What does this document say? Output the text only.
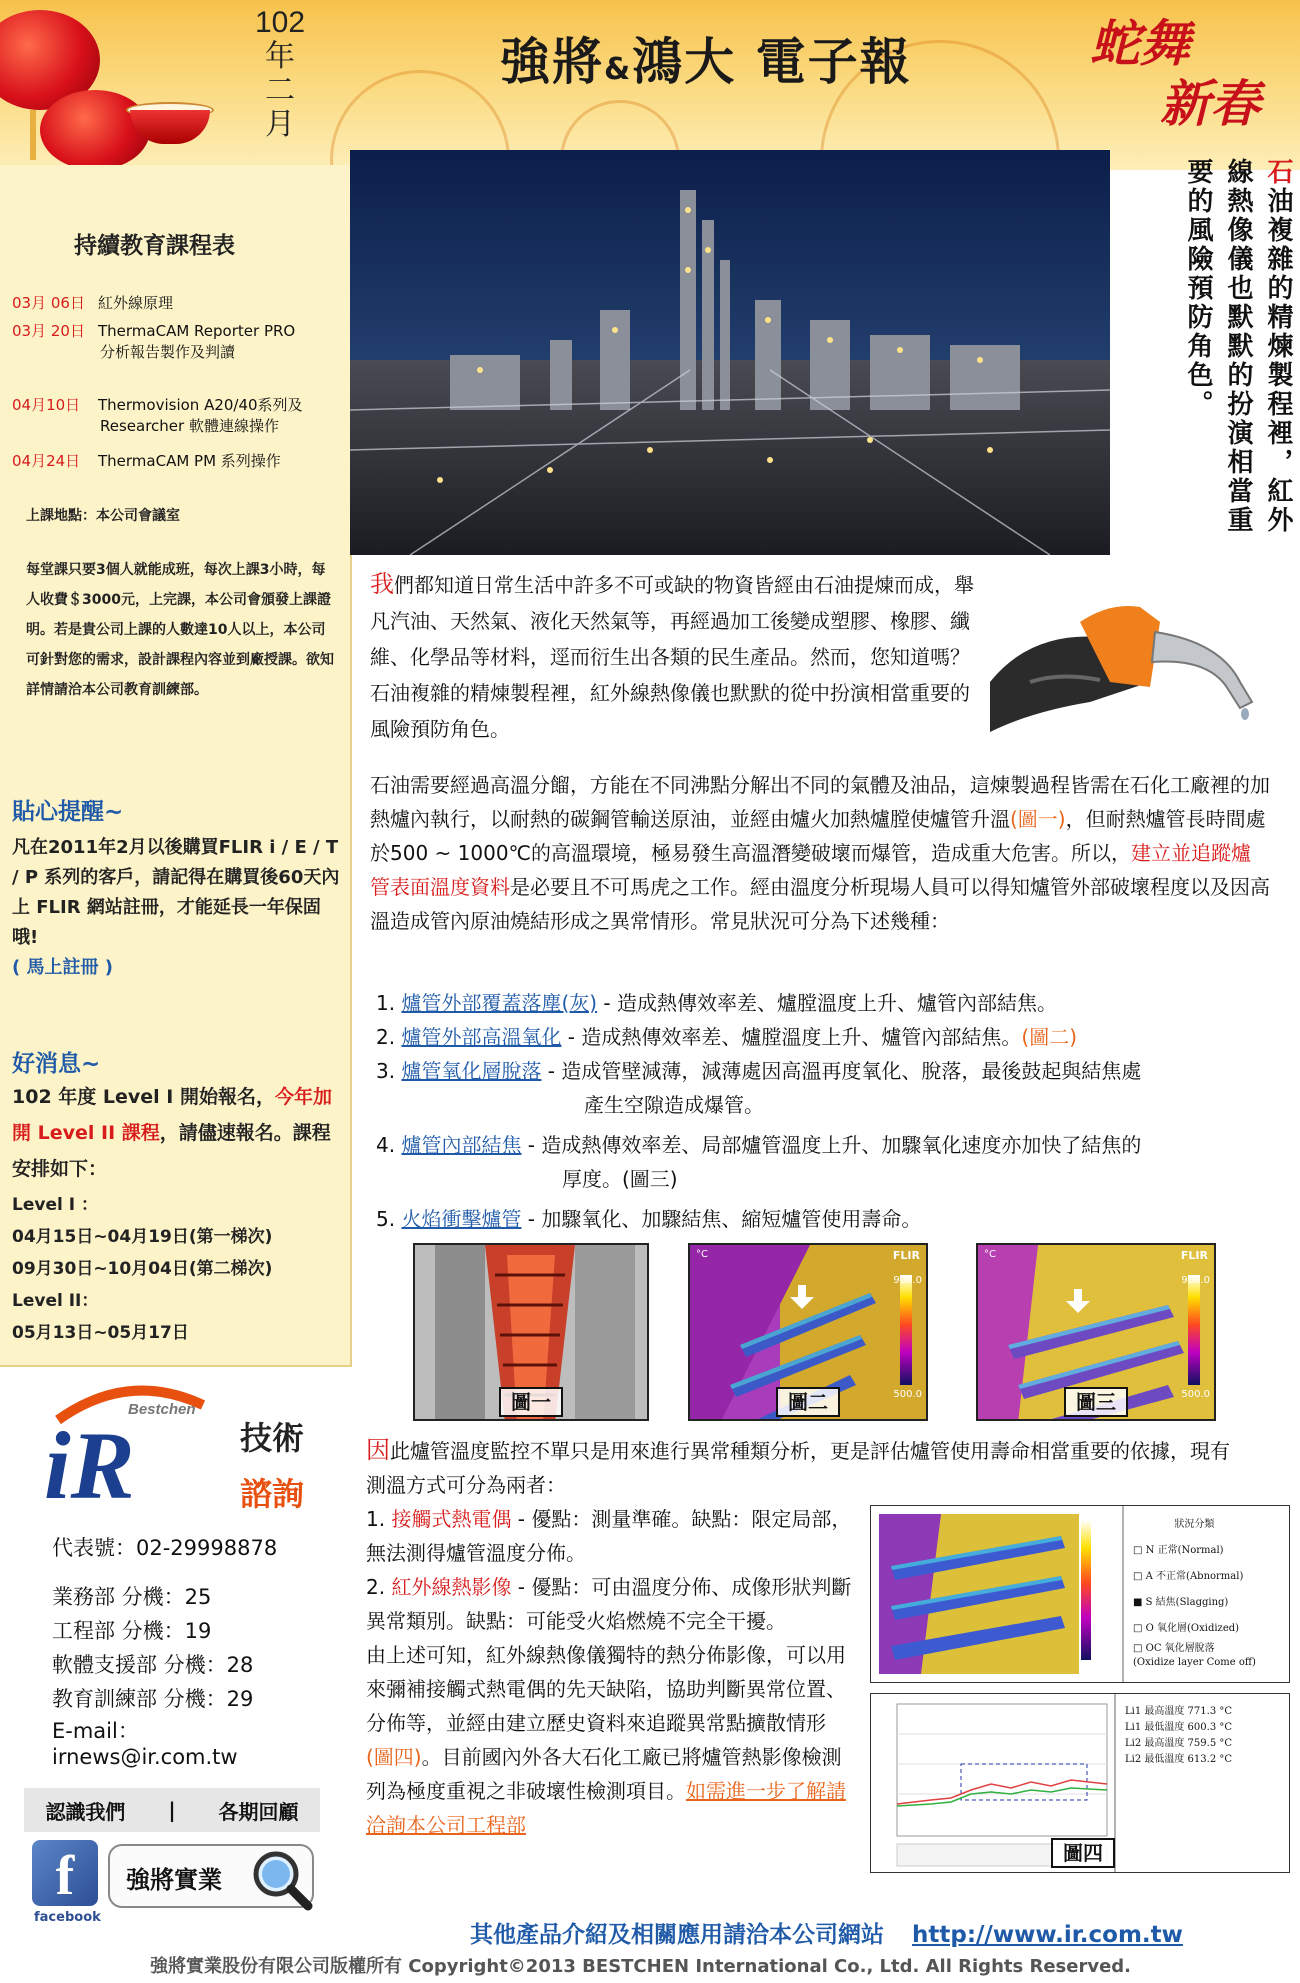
102
年
二
月
強將&鴻大 電子報	蛇舞
新春
持續教育課程表
03月 06日 紅外線原理
03月 20日 ThermaCAM Reporter PRO
分析報告製作及判讀
04月10日 Thermovision A20/40系列及
Researcher 軟體連線操作
04月24日 ThermaCAM PM 系列操作
上課地點：本公司會議室
每堂課只要3個人就能成班，每次上課3小時，每人收費＄3000元，上完課，本公司會頒發上課證明。若是貴公司上課的人數達10人以上，本公司可針對您的需求，設計課程內容並到廠授課。欲知詳情請洽本公司教育訓練部。
貼心提醒~
凡在2011年2月以後購買FLIR i / E / T / P 系列的客戶，請記得在購買後60天內上 FLIR 網站註冊，才能延長一年保固哦!
( 馬上註冊 )
好消息~
102 年度 Level I 開始報名，今年加開 Level II 課程，請儘速報名。課程安排如下：
Level I ：
04月15日~04月19日(第一梯次)
09月30日~10月04日(第二梯次)
Level II：
05月13日~05月17日
Bestchen
iR	技術
諮詢
代表號：02-29998878
業務部 分機：25
工程部 分機：19
軟體支援部 分機：28
教育訓練部 分機：29
E-mail：
irnews@ir.com.tw
認識我們 | 各期回顧
f
facebook
強將實業
石油複雜的精煉製程裡，紅外
線熱像儀也默默的扮演相當重
要的風險預防角色。
我們都知道日常生活中許多不可或缺的物資皆經由石油提煉而成，舉凡汽油、天然氣、液化天然氣等，再經過加工後變成塑膠、橡膠、纖維、化學品等材料，逕而衍生出各類的民生產品。然而，您知道嗎？石油複雜的精煉製程裡，紅外線熱像儀也默默的從中扮演相當重要的風險預防角色。
石油需要經過高溫分餾，方能在不同沸點分解出不同的氣體及油品，這煉製過程皆需在石化工廠裡的加熱爐內執行，以耐熱的碳鋼管輸送原油，並經由爐火加熱爐膛使爐管升溫(圖一)，但耐熱爐管長時間處於500 ~ 1000℃的高溫環境，極易發生高溫潛變破壞而爆管，造成重大危害。所以，建立並追蹤爐管表面溫度資料是必要且不可馬虎之工作。經由溫度分析現場人員可以得知爐管外部破壞程度以及因高溫造成管內原油燒結形成之異常情形。常見狀況可分為下述幾種：
1. 爐管外部覆蓋落塵(灰) - 造成熱傳效率差、爐膛溫度上升、爐管內部結焦。
2. 爐管外部高溫氧化 - 造成熱傳效率差、爐膛溫度上升、爐管內部結焦。(圖二)
3. 爐管氧化層脫落 - 造成管壁減薄，減薄處因高溫再度氧化、脫落，最後鼓起與結焦處
產生空隙造成爆管。
4. 爐管內部結焦 - 造成熱傳效率差、局部爐管溫度上升、加驟氧化速度亦加快了結焦的
厚度。(圖三)
5. 火焰衝擊爐管 - 加驟氧化、加驟結焦、縮短爐管使用壽命。
圖一
°C	FLIR
900.0
500.0
圖二
°C	FLIR
900.0
500.0
圖三
因此爐管溫度監控不單只是用來進行異常種類分析，更是評估爐管使用壽命相當重要的依據，現有測溫方式可分為兩者：
1. 接觸式熱電偶 - 優點：測量準確。缺點：限定局部，無法測得爐管溫度分佈。
2. 紅外線熱影像 - 優點：可由溫度分佈、成像形狀判斷異常類別。缺點：可能受火焰燃燒不完全干擾。
由上述可知，紅外線熱像儀獨特的熱分佈影像，可以用來彌補接觸式熱電偶的先天缺陷，協助判斷異常位置、分佈等，並經由建立歷史資料來追蹤異常點擴散情形 (圖四)。目前國內外各大石化工廠已將爐管熱影像檢測列為極度重視之非破壞性檢測項目。如需進一步了解請洽詢本公司工程部
狀況分類
□ N 正常(Normal)
□ A 不正常(Abnormal)
■ S 結焦(Slagging)
□ O 氧化層(Oxidized)
□ OC 氧化層脫落
(Oxidize layer Come off)
Li1 最高溫度 771.3 °C
Li1 最低溫度 600.3 °C
Li2 最高溫度 759.5 °C
Li2 最低溫度 613.2 °C
圖四
其他產品介紹及相關應用請洽本公司網站 http://www.ir.com.tw
強將實業股份有限公司版權所有 Copyright©2013 BESTCHEN International Co., Ltd. All Rights Reserved.
